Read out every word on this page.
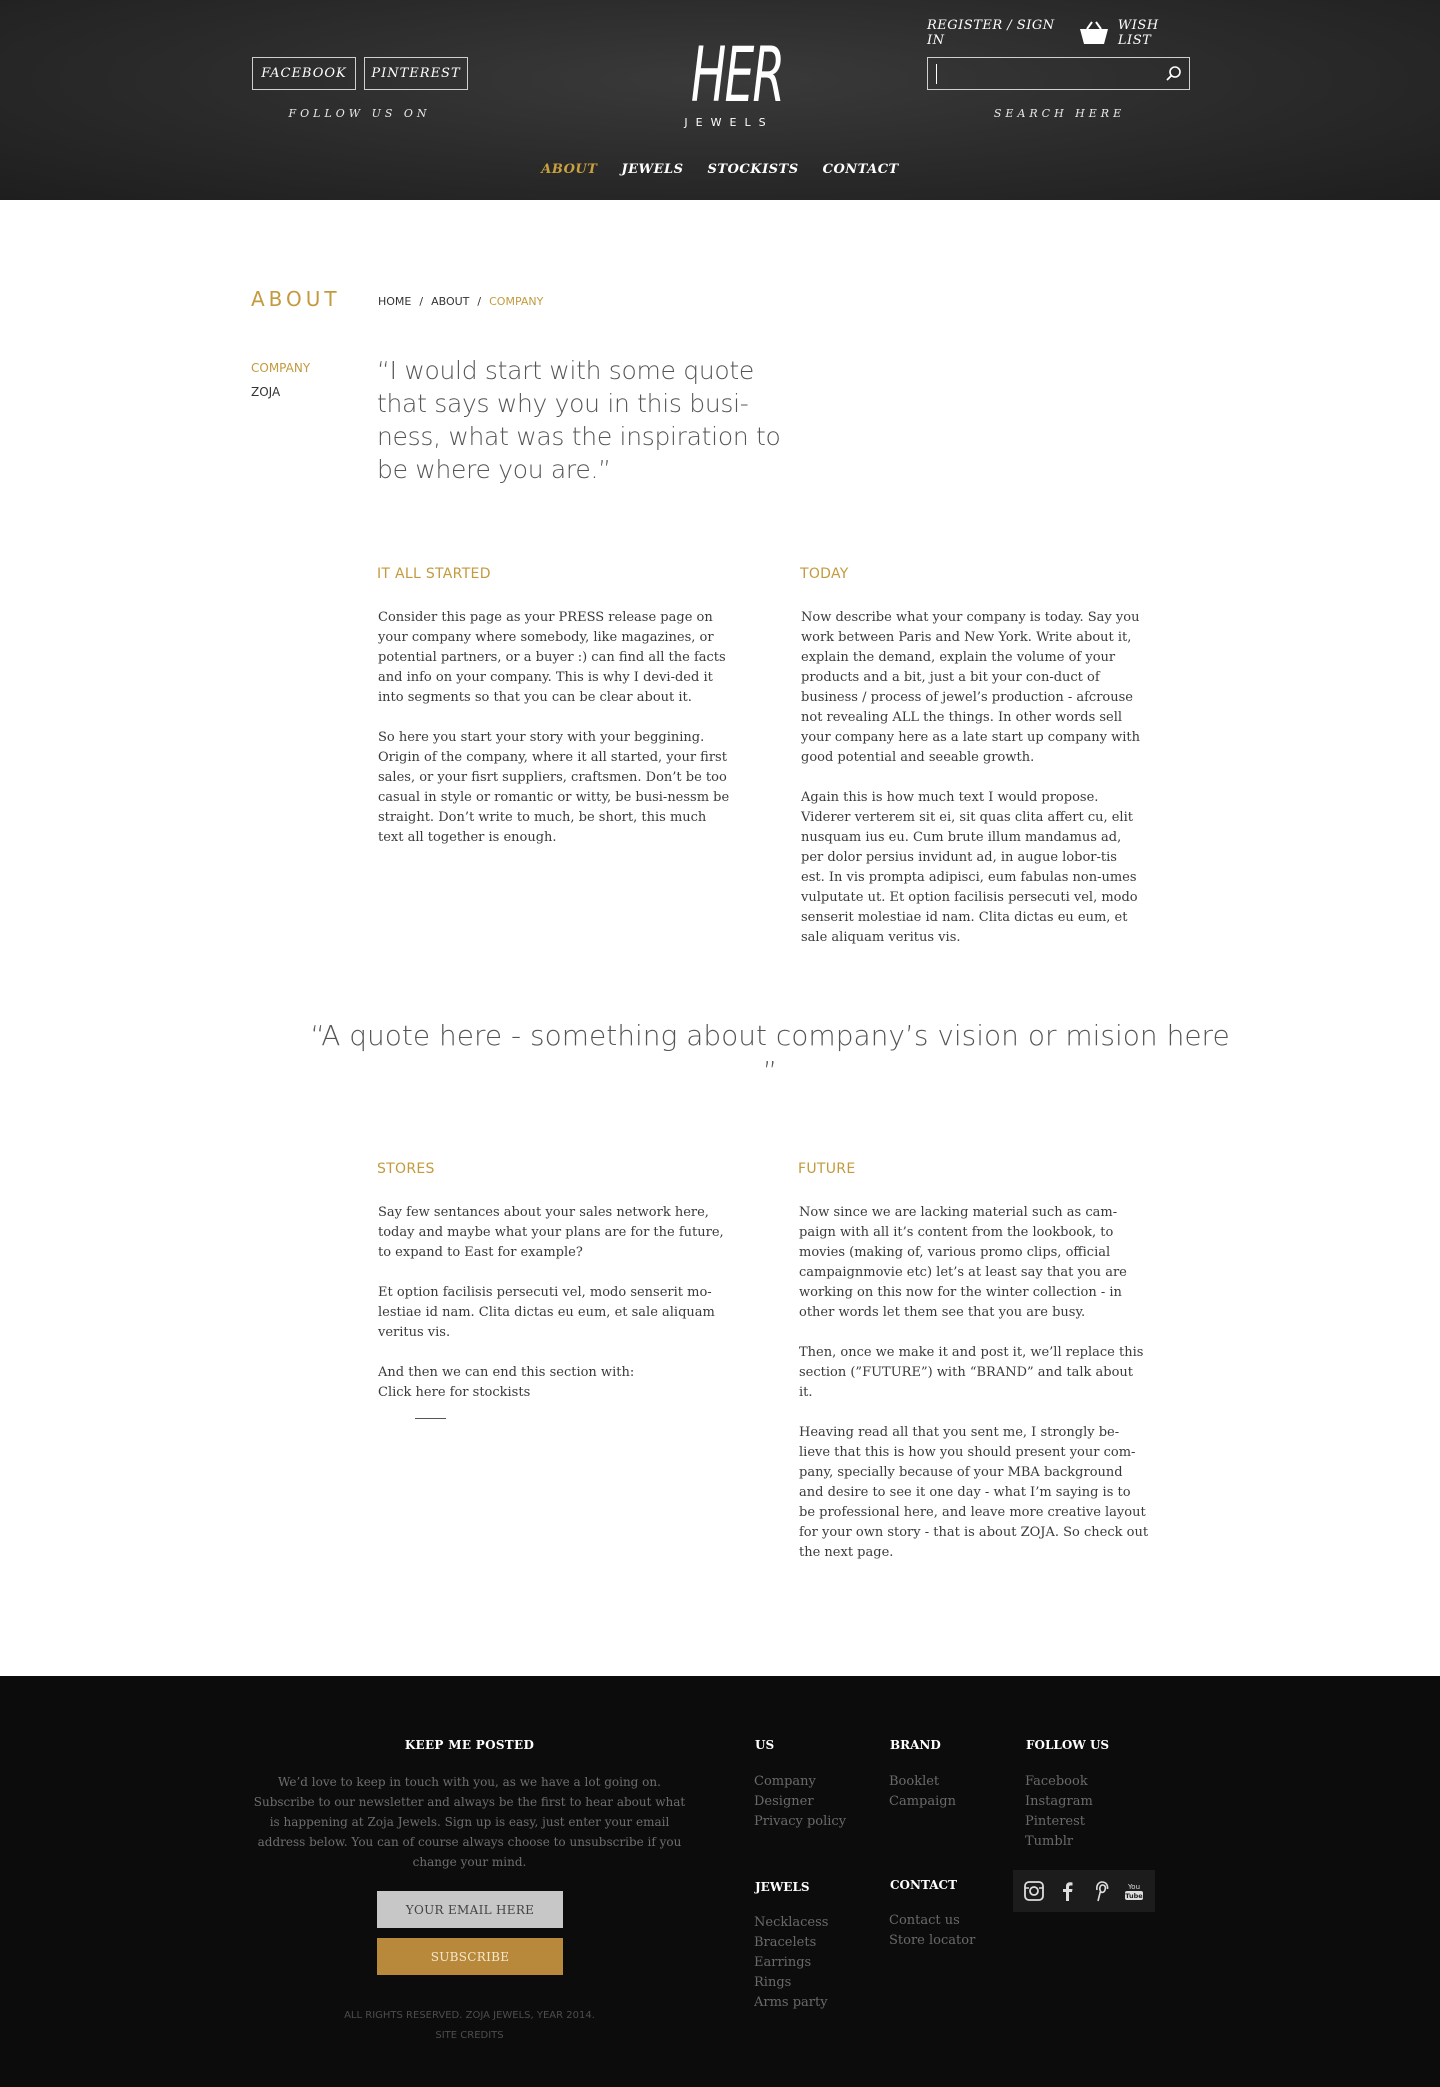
FACEBOOK	PINTEREST
FOLLOW US ON	HER
JEWELS
REGISTER / SIGN IN
WISH LIST
SEARCH HERE
ABOUT JEWELS STOCKISTS CONTACT
ABOUT	HOME / ABOUT / COMPANY
COMPANY
ZOJA
“I would start with some quote that says why you in this busi-ness, what was the inspiration to be where you are.”
IT ALL STARTED

Consider this page as your PRESS release page on your company where somebody, like magazines, or potential partners, or a buyer :) can find all the facts and info on your company. This is why I devi-ded it into segments so that you can be clear about it.

So here you start your story with your beggining. Origin of the company, where it all started, your first sales, or your fisrt suppliers, craftsmen. Don’t be too casual in style or romantic or witty, be busi-nessm be straight. Don’t write to much, be short, this much text all together is enough.

TODAY

Now describe what your company is today. Say you work between Paris and New York. Write about it, explain the demand, explain the volume of your products and a bit, just a bit your con-duct of business / process of jewel’s production - afcrouse not revealing ALL the things. In other words sell your company here as a late start up company with good potential and seeable growth.

Again this is how much text I would propose. Viderer verterem sit ei, sit quas clita affert cu, elit nusquam ius eu. Cum brute illum mandamus ad, per dolor persius invidunt ad, in augue lobor-tis est. In vis prompta adipisci, eum fabulas non-umes vulputate ut. Et option facilisis persecuti vel, modo senserit molestiae id nam. Clita dictas eu eum, et sale aliquam veritus vis.

“A quote here - something about company’s vision or mision here ”
STORES

Say few sentances about your sales network here, today and maybe what your plans are for the future, to expand to East for example?

Et option facilisis persecuti vel, modo senserit mo-lestiae id nam. Clita dictas eu eum, et sale aliquam veritus vis.

And then we can end this section with:

Click here for stockists
FUTURE

Now since we are lacking material such as cam-paign with all it’s content from the lookbook, to movies (making of, various promo clips, official campaignmovie etc) let’s at least say that you are working on this now for the winter collection - in other words let them see that you are busy.

Then, once we make it and post it, we’ll replace this section (”FUTURE”) with “BRAND” and talk about it.

Heaving read all that you sent me, I strongly be-lieve that this is how you should present your com-pany, specially because of your MBA background and desire to see it one day - what I’m saying is to be professional here, and leave more creative layout for your own story - that is about ZOJA. So check out the next page.

KEEP ME POSTED
We’d love to keep in touch with you, as we have a lot going on. Subscribe to our newsletter and always be the first to hear about what is happening at Zoja Jewels. Sign up is easy, just enter your email address below. You can of course always choose to unsubscribe if you change your mind.
YOUR EMAIL HERE
SUBSCRIBE
ALL RIGHTS RESERVED. ZOJA JEWELS, YEAR 2014.
SITE CREDITS
US
Company
Designer
Privacy policy
BRAND
Booklet
Campaign
FOLLOW US
Facebook
Instagram
Pinterest
Tumblr
JEWELS
Necklacess
Bracelets
Earrings
Rings
Arms party
CONTACT
Contact us
Store locator
You
Tube
